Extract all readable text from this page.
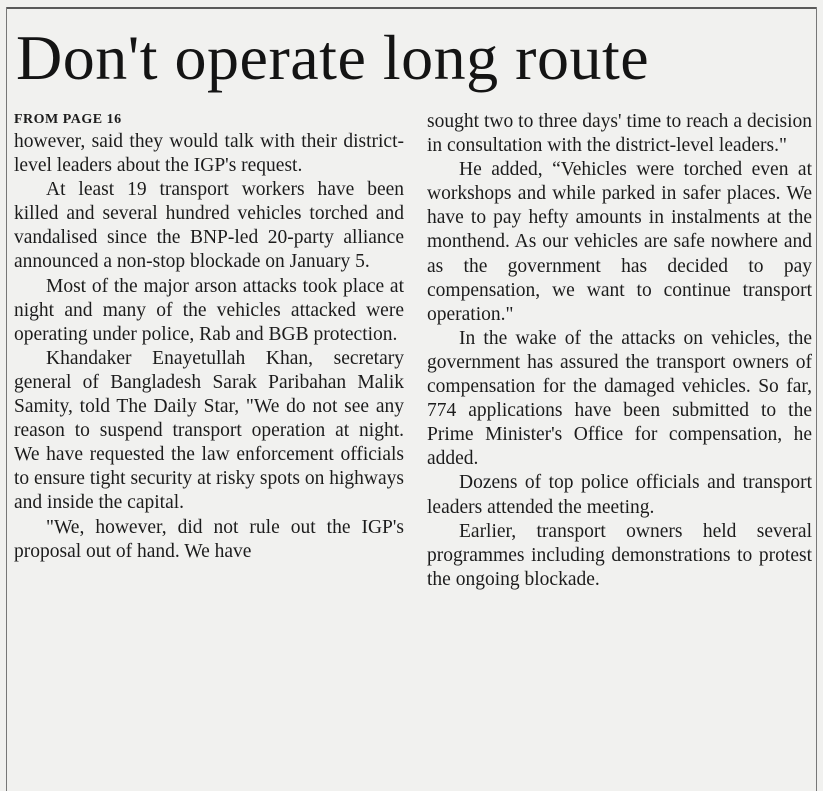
Don't operate long route
FROM PAGE 16

however, said they would talk with their district-level leaders about the IGP's request.

At least 19 transport workers have been killed and several hundred vehicles torched and vandalised since the BNP-led 20-party alliance announced a non-stop blockade on January 5.

Most of the major arson attacks took place at night and many of the vehicles attacked were operating under police, Rab and BGB protection.

Khandaker Enayetullah Khan, secretary general of Bangladesh Sarak Paribahan Malik Samity, told The Daily Star, "We do not see any reason to suspend transport operation at night. We have requested the law enforcement officials to ensure tight security at risky spots on highways and inside the capital.

"We, however, did not rule out the IGP's proposal out of hand. We have

sought two to three days' time to reach a decision in consultation with the district-level leaders."

He added, “Vehicles were torched even at workshops and while parked in safer places. We have to pay hefty amounts in instalments at the monthend. As our vehicles are safe nowhere and as the government has decided to pay compensation, we want to continue transport operation."

In the wake of the attacks on vehicles, the government has assured the transport owners of compensation for the damaged vehicles. So far, 774 applications have been submitted to the Prime Minister's Office for compensation, he added.

Dozens of top police officials and transport leaders attended the meeting.

Earlier, transport owners held several programmes including demonstrations to protest the ongoing blockade.
